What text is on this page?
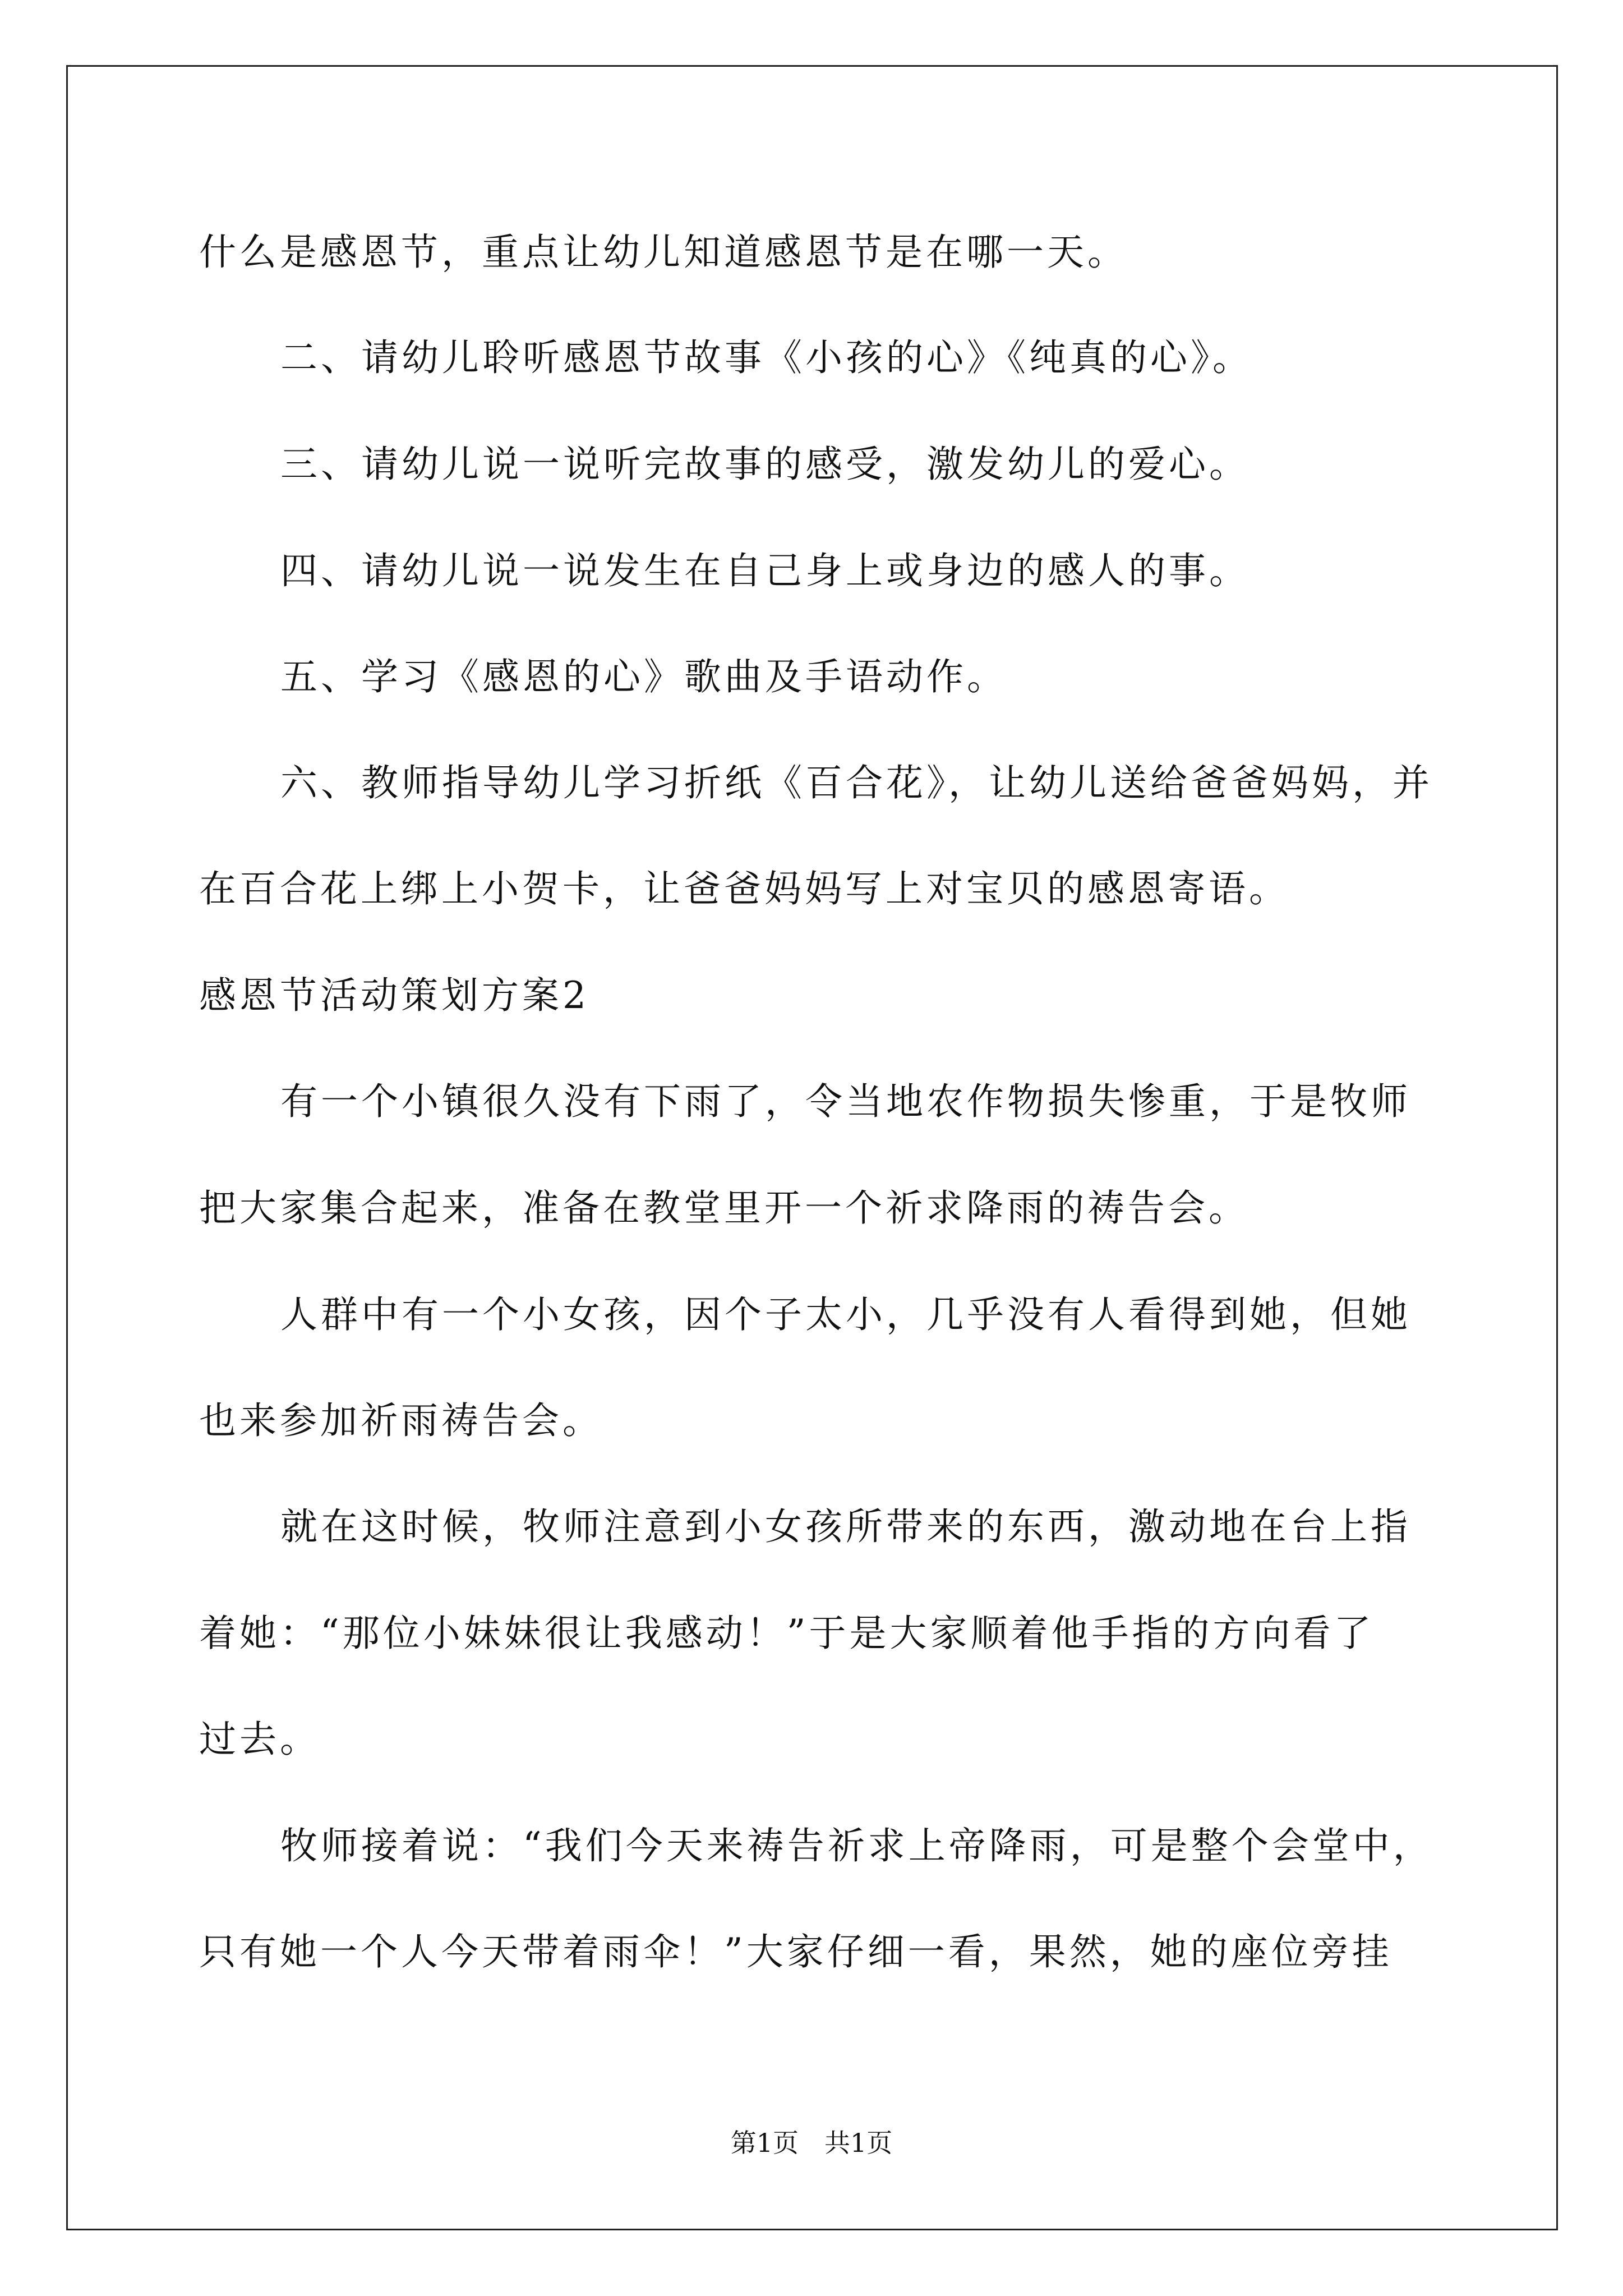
什么是感恩节，重点让幼儿知道感恩节是在哪一天。
二、请幼儿聆听感恩节故事《小孩的心》《纯真的心》。
三、请幼儿说一说听完故事的感受，激发幼儿的爱心。
四、请幼儿说一说发生在自己身上或身边的感人的事。
五、学习《感恩的心》歌曲及手语动作。
六、教师指导幼儿学习折纸《百合花》，让幼儿送给爸爸妈妈，并
在百合花上绑上小贺卡，让爸爸妈妈写上对宝贝的感恩寄语。
感恩节活动策划方案2
有一个小镇很久没有下雨了，令当地农作物损失惨重，于是牧师
把大家集合起来，准备在教堂里开一个祈求降雨的祷告会。
人群中有一个小女孩，因个子太小，几乎没有人看得到她，但她
也来参加祈雨祷告会。
就在这时候，牧师注意到小女孩所带来的东西，激动地在台上指
着她：“那位小妹妹很让我感动！”于是大家顺着他手指的方向看了
过去。
牧师接着说：“我们今天来祷告祈求上帝降雨，可是整个会堂中，
只有她一个人今天带着雨伞！”大家仔细一看，果然，她的座位旁挂
第1页　共1页
